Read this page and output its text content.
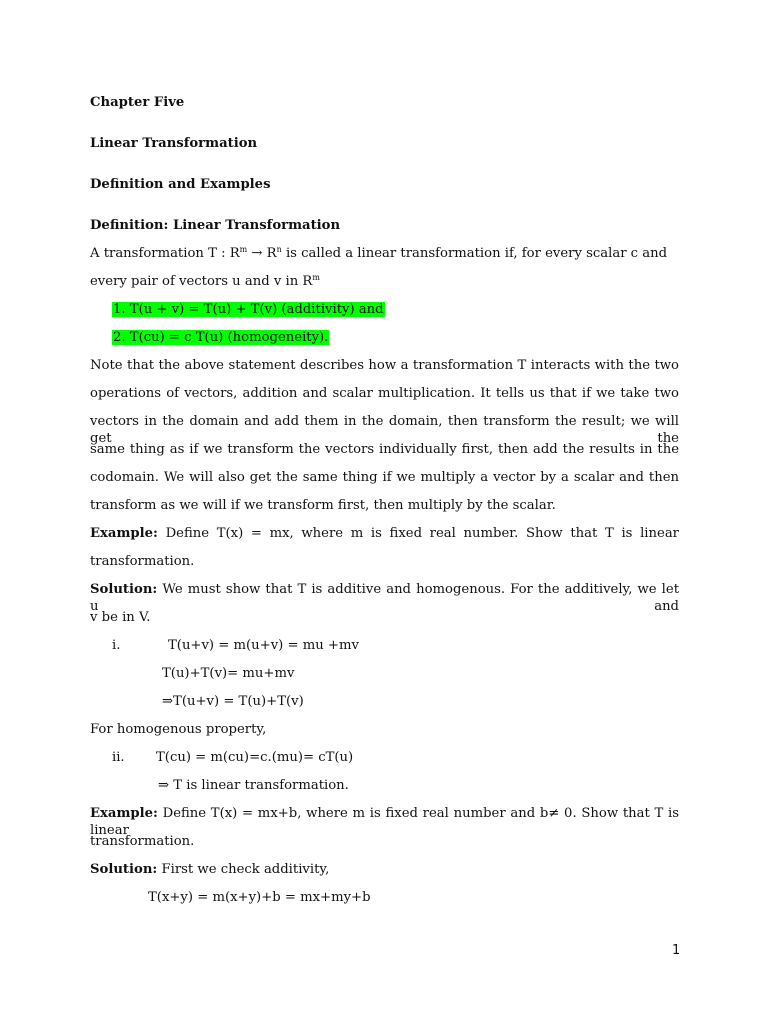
Chapter Five
Linear Transformation
Definition and Examples
Definition: Linear Transformation
A transformation T : $R^m \to R^n$ is called a linear transformation if, for every scalar c and
every pair of vectors u and v in $R^m$
1. T(u + v) = T(u) + T(v) (additivity) and
2. T(cu) = c T(u) (homogeneity).
Note that the above statement describes how a transformation T interacts with the two
operations of vectors, addition and scalar multiplication. It tells us that if we take two
vectors in the domain and add them in the domain, then transform the result; we will get the
same thing as if we transform the vectors individually first, then add the results in the
codomain. We will also get the same thing if we multiply a vector by a scalar and then
transform as we will if we transform first, then multiply by the scalar.
Example: Define T(x) = mx, where m is fixed real number. Show that T is linear
transformation.
Solution: We must show that T is additive and homogenous. For the additively, we let u and
v be in V.
i.	T(u+v) = m(u+v) = mu +mv
T(u)+T(v)= mu+mv
⇒T(u+v) = T(u)+T(v)
For homogenous property,
ii. T(cu) = m(cu)=c.(mu)= cT(u)
⇒ T is linear transformation.
Example: Define T(x) = mx+b, where m is fixed real number and b≠ 0. Show that T is linear
transformation.
Solution: First we check additivity,
T(x+y) = m(x+y)+b = mx+my+b
1
